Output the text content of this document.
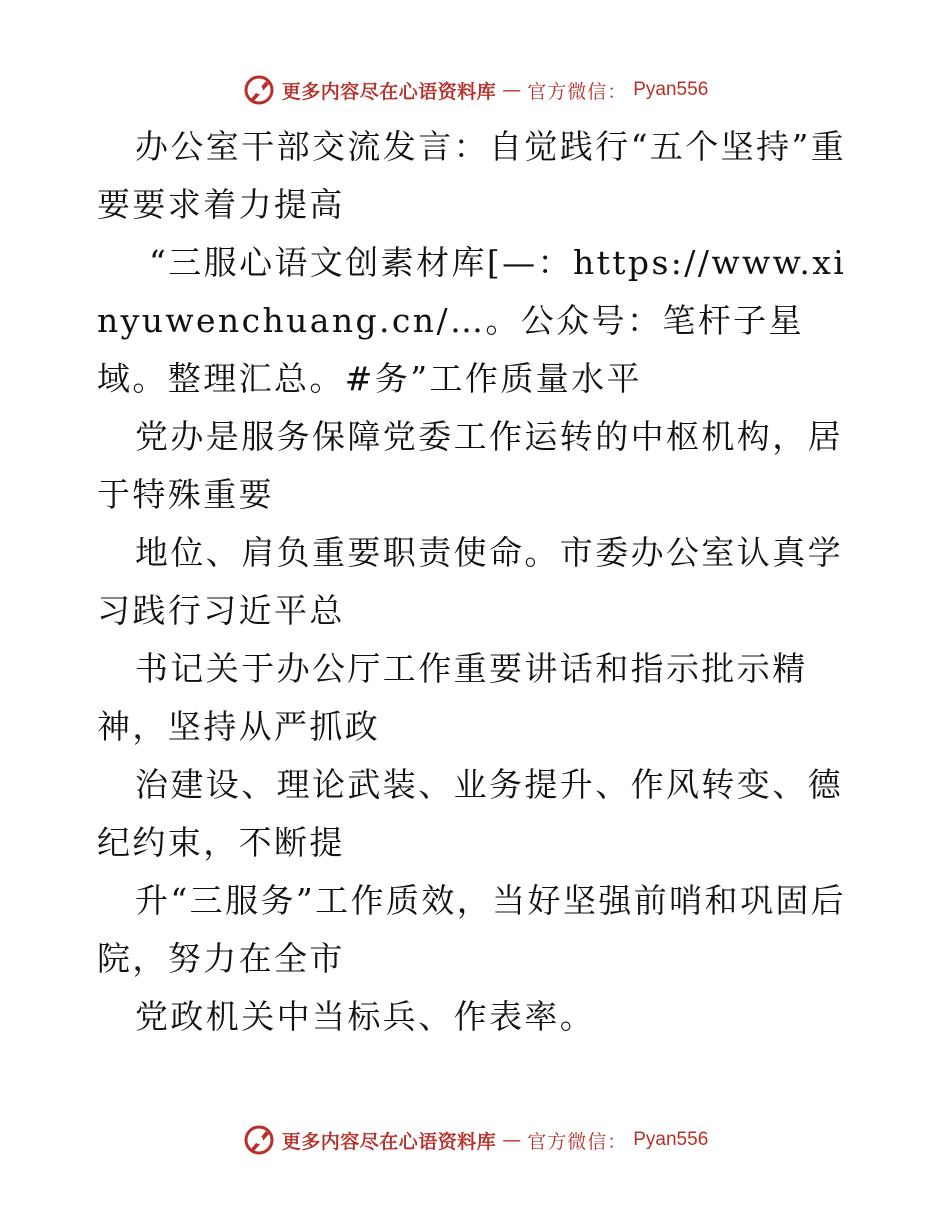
更多内容尽在心语资料库 — 官方微信： Pyan556

办公室干部交流发言：自觉践行“五个坚持”重要要求着力提高

“三服心语文创素材库[—：https://www.xinyuwenchuang.cn/…。公众号：笔杆子星域。整理汇总。#务”工作质量水平

党办是服务保障党委工作运转的中枢机构，居于特殊重要

地位、肩负重要职责使命。市委办公室认真学习践行习近平总

书记关于办公厅工作重要讲话和指示批示精神，坚持从严抓政

治建设、理论武装、业务提升、作风转变、德纪约束，不断提

升“三服务”工作质效，当好坚强前哨和巩固后院，努力在全市

党政机关中当标兵、作表率。

更多内容尽在心语资料库 — 官方微信： Pyan556
